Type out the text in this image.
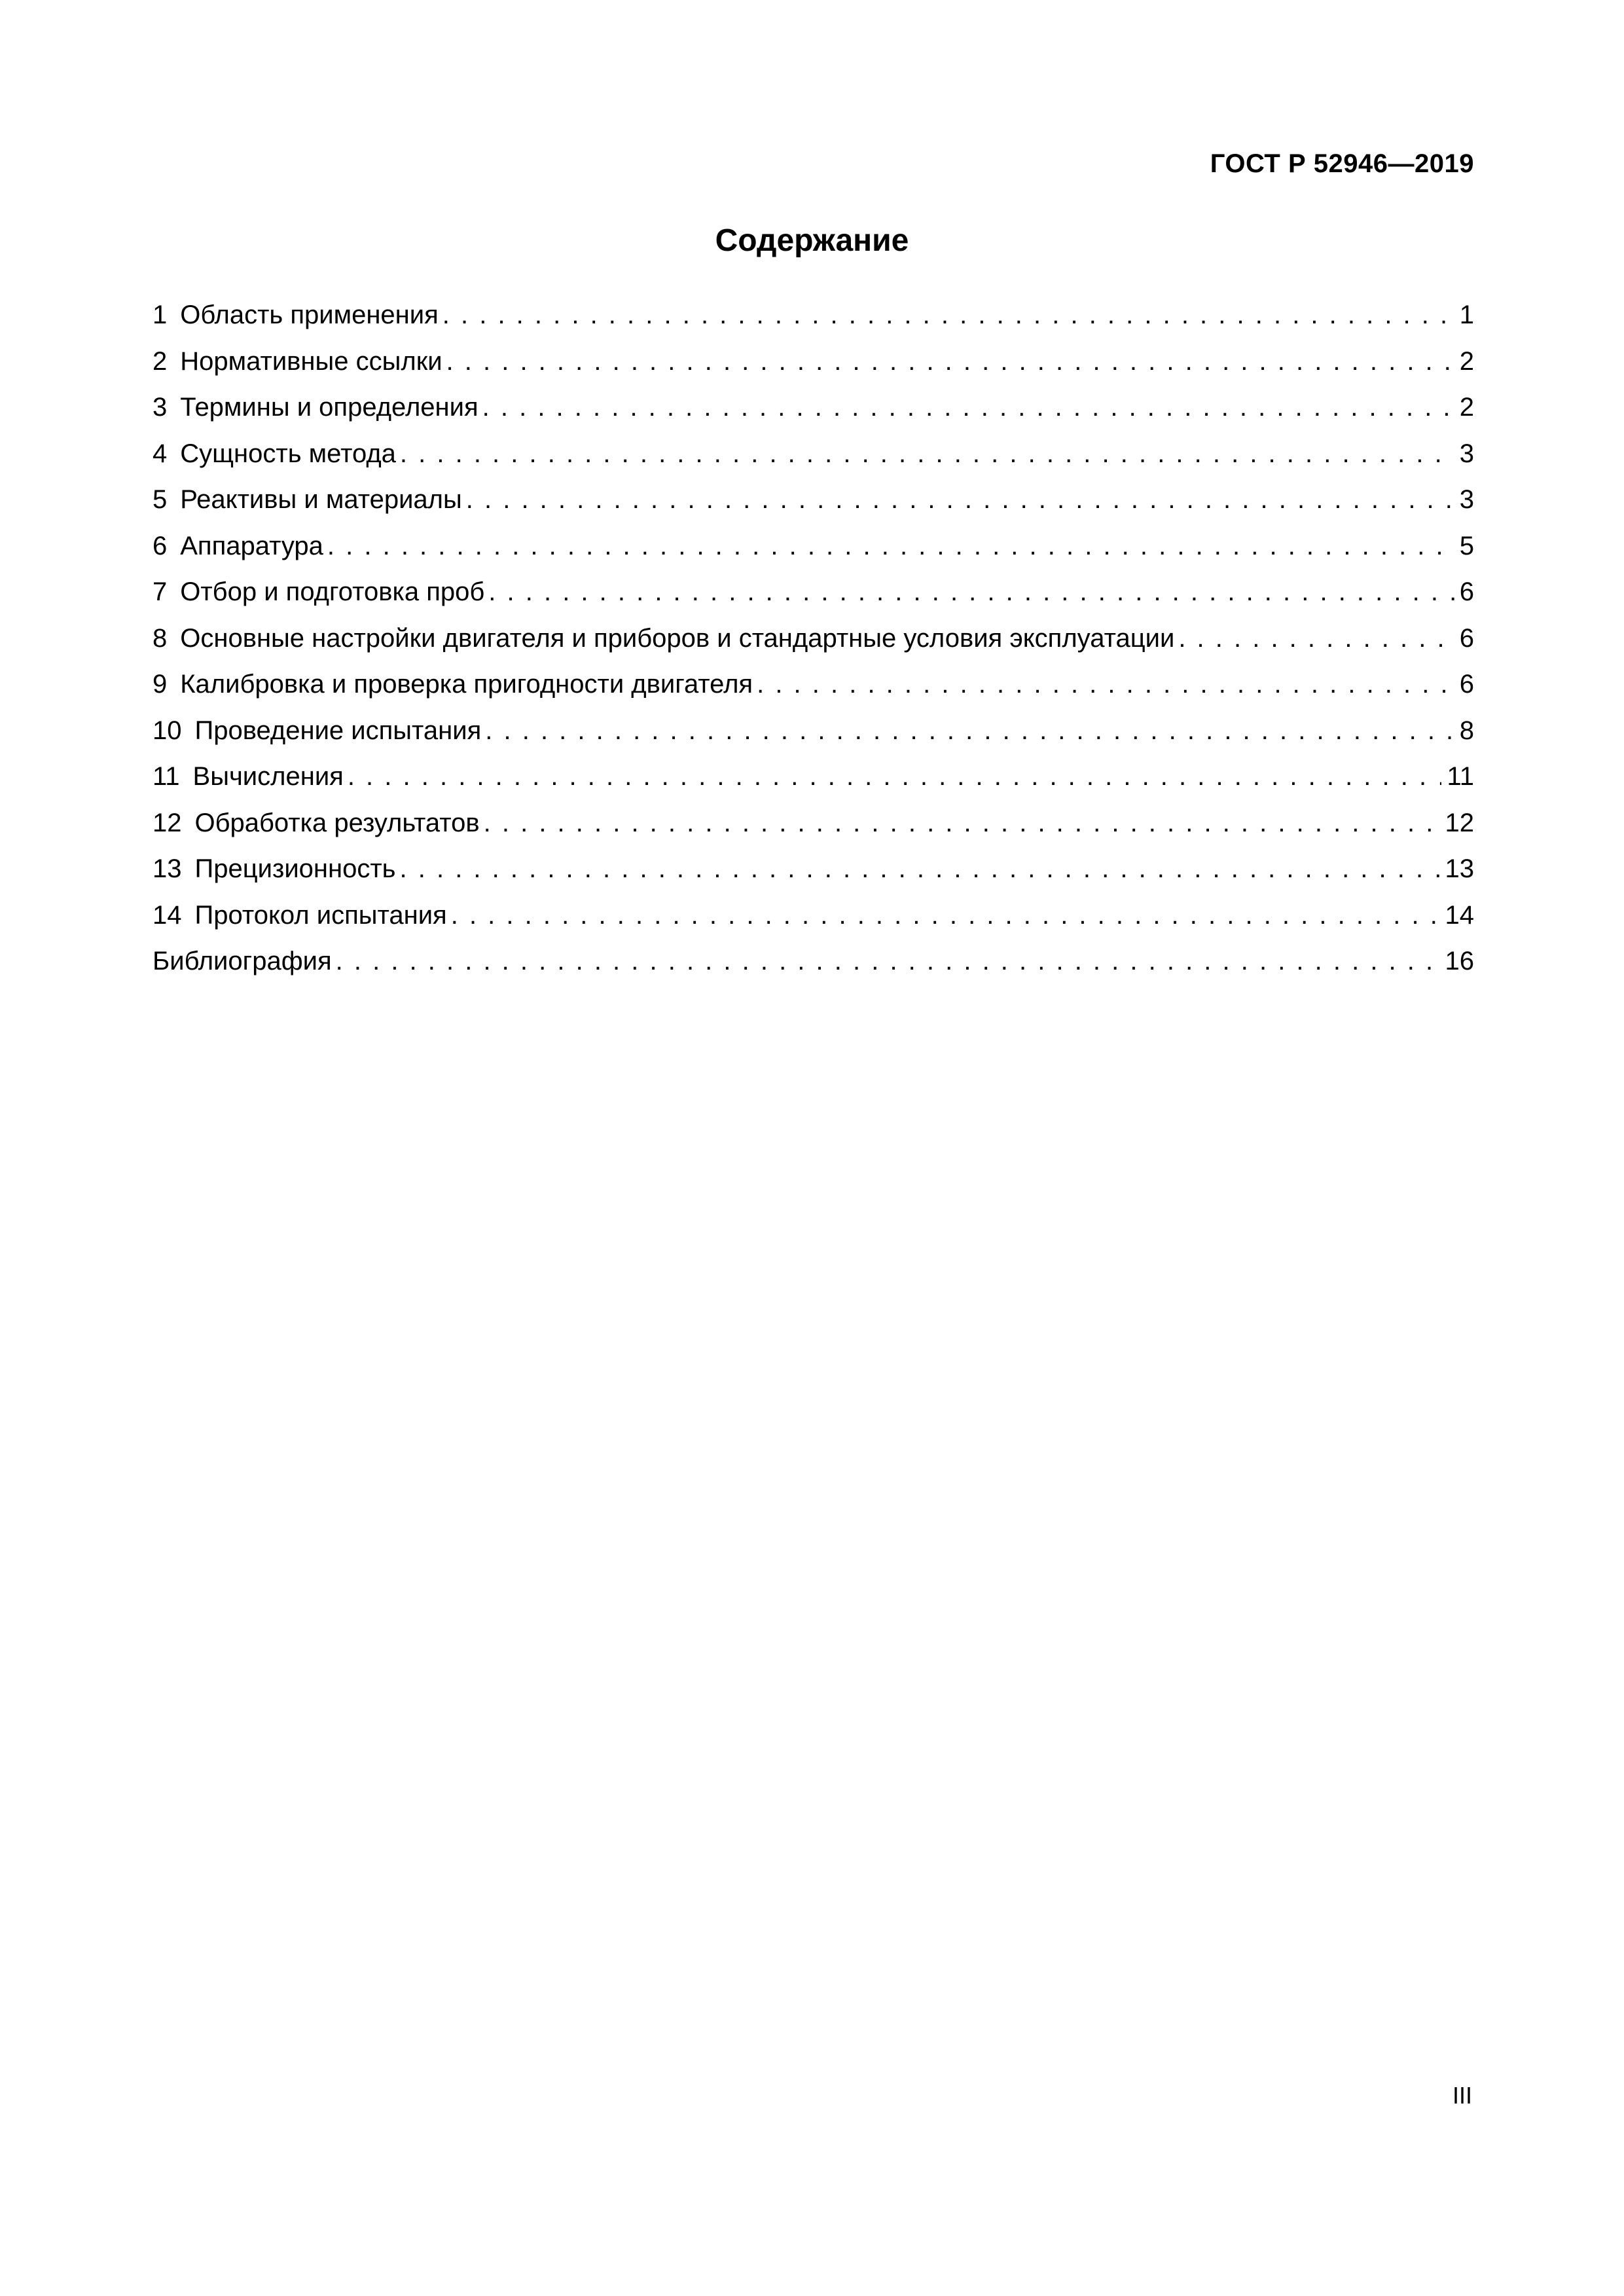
ГОСТ Р 52946—2019
Содержание
1 Область применения . . .	1
2 Нормативные ссылки . . .	2
3 Термины и определения . . .	2
4 Сущность метода . . .	3
5 Реактивы и материалы . . .	3
6 Аппаратура . . .	5
7 Отбор и подготовка проб . . .	6
8 Основные настройки двигателя и приборов и стандартные условия эксплуатации . . .	6
9 Калибровка и проверка пригодности двигателя . . .	6
10 Проведение испытания . . .	8
11 Вычисления . . .	11
12 Обработка результатов . . .	12
13 Прецизионность . . .	13
14 Протокол испытания . . .	14
Библиография . . .	16
III
